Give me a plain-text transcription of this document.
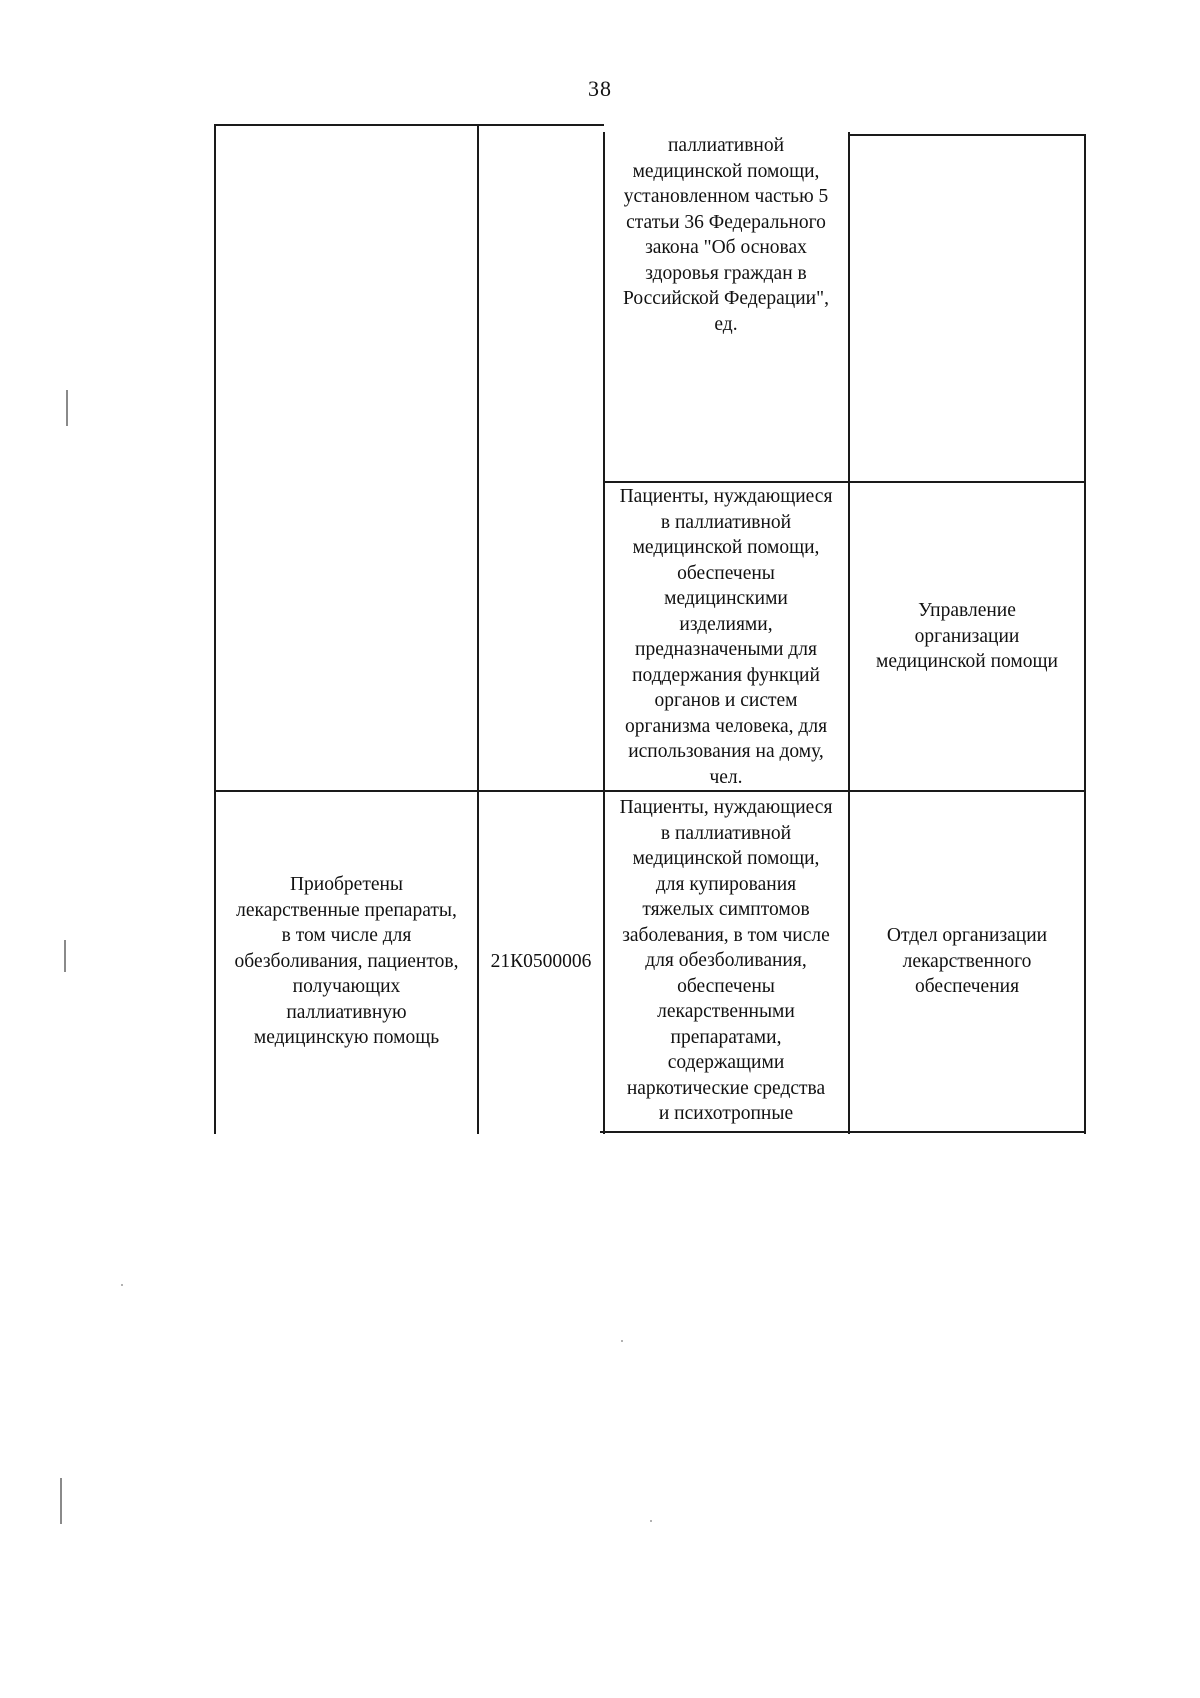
38
паллиативной
медицинской помощи,
установленном частью 5
статьи 36 Федерального
закона "Об основах
здоровья граждан в
Российской Федерации",
ед.
Пациенты, нуждающиеся
в паллиативной
медицинской помощи,
обеспечены
медицинскими
изделиями,
предназначеными для
поддержания функций
органов и систем
организма человека, для
использования на дому,
чел.
Управление
организации
медицинской помощи
Приобретены
лекарственные препараты,
в том числе для
обезболивания, пациентов,
получающих
паллиативную
медицинскую помощь
21К0500006
Пациенты, нуждающиеся
в паллиативной
медицинской помощи,
для купирования
тяжелых симптомов
заболевания, в том числе
для обезболивания,
обеспечены
лекарственными
препаратами,
содержащими
наркотические средства
и психотропные
Отдел организации
лекарственного
обеспечения
